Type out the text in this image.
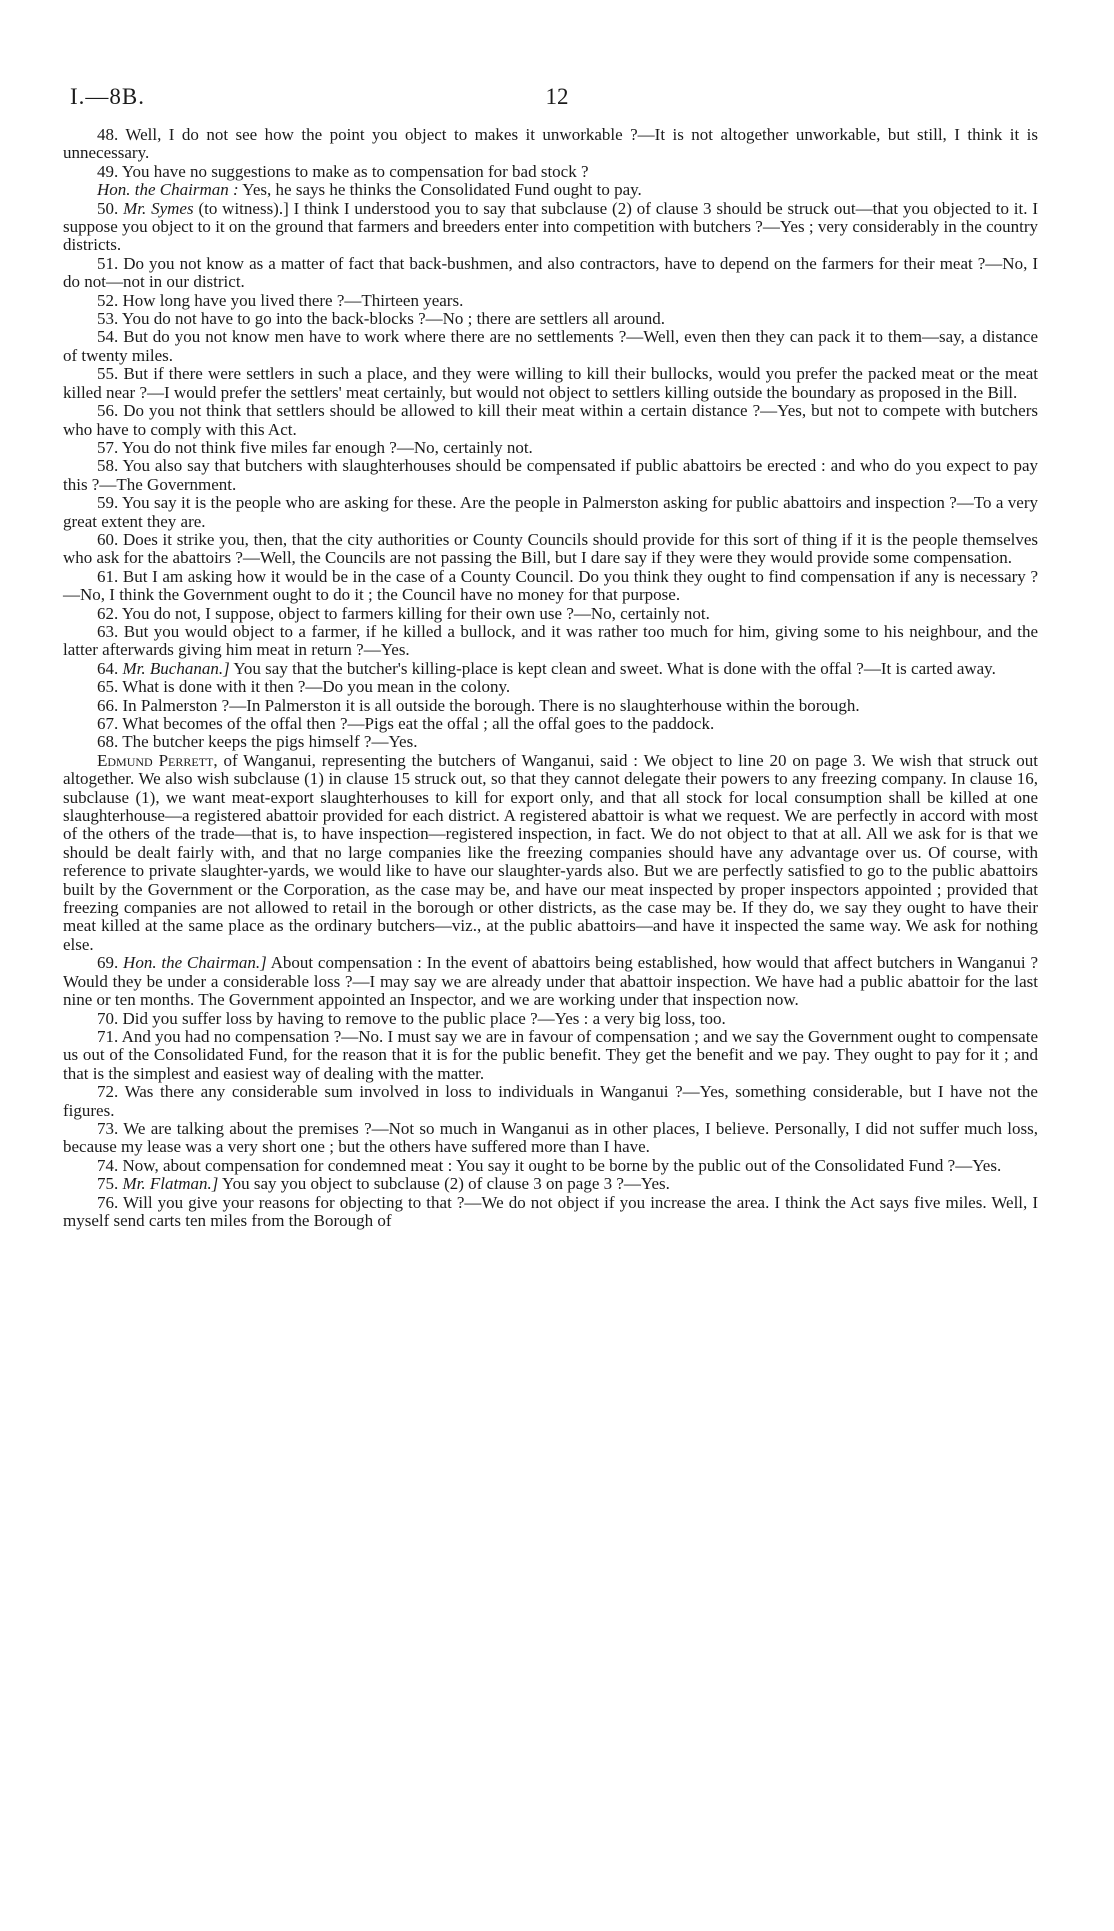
I.—8B.	12

48. Well, I do not see how the point you object to makes it unworkable ?—It is not altogether unworkable, but still, I think it is unnecessary.

49. You have no suggestions to make as to compensation for bad stock ?

Hon. the Chairman : Yes, he says he thinks the Consolidated Fund ought to pay.

50. Mr. Symes (to witness).] I think I understood you to say that subclause (2) of clause 3 should be struck out—that you objected to it. I suppose you object to it on the ground that farmers and breeders enter into competition with butchers ?—Yes ; very considerably in the country districts.

51. Do you not know as a matter of fact that back-bushmen, and also contractors, have to depend on the farmers for their meat ?—No, I do not—not in our district.

52. How long have you lived there ?—Thirteen years.

53. You do not have to go into the back-blocks ?—No ; there are settlers all around.

54. But do you not know men have to work where there are no settlements ?—Well, even then they can pack it to them—say, a distance of twenty miles.

55. But if there were settlers in such a place, and they were willing to kill their bullocks, would you prefer the packed meat or the meat killed near ?—I would prefer the settlers' meat certainly, but would not object to settlers killing outside the boundary as proposed in the Bill.

56. Do you not think that settlers should be allowed to kill their meat within a certain distance ?—Yes, but not to compete with butchers who have to comply with this Act.

57. You do not think five miles far enough ?—No, certainly not.

58. You also say that butchers with slaughterhouses should be compensated if public abattoirs be erected : and who do you expect to pay this ?—The Government.

59. You say it is the people who are asking for these. Are the people in Palmerston asking for public abattoirs and inspection ?—To a very great extent they are.

60. Does it strike you, then, that the city authorities or County Councils should provide for this sort of thing if it is the people themselves who ask for the abattoirs ?—Well, the Councils are not passing the Bill, but I dare say if they were they would provide some compensation.

61. But I am asking how it would be in the case of a County Council. Do you think they ought to find compensation if any is necessary ?—No, I think the Government ought to do it ; the Council have no money for that purpose.

62. You do not, I suppose, object to farmers killing for their own use ?—No, certainly not.

63. But you would object to a farmer, if he killed a bullock, and it was rather too much for him, giving some to his neighbour, and the latter afterwards giving him meat in return ?—Yes.

64. Mr. Buchanan.] You say that the butcher's killing-place is kept clean and sweet. What is done with the offal ?—It is carted away.

65. What is done with it then ?—Do you mean in the colony.

66. In Palmerston ?—In Palmerston it is all outside the borough. There is no slaughterhouse within the borough.

67. What becomes of the offal then ?—Pigs eat the offal ; all the offal goes to the paddock.

68. The butcher keeps the pigs himself ?—Yes.

Edmund Perrett, of Wanganui, representing the butchers of Wanganui, said : We object to line 20 on page 3. We wish that struck out altogether. We also wish subclause (1) in clause 15 struck out, so that they cannot delegate their powers to any freezing company. In clause 16, subclause (1), we want meat-export slaughterhouses to kill for export only, and that all stock for local consumption shall be killed at one slaughterhouse—a registered abattoir provided for each district. A registered abattoir is what we request. We are perfectly in accord with most of the others of the trade—that is, to have inspection—registered inspection, in fact. We do not object to that at all. All we ask for is that we should be dealt fairly with, and that no large companies like the freezing companies should have any advantage over us. Of course, with reference to private slaughter-yards, we would like to have our slaughter-yards also. But we are perfectly satisfied to go to the public abattoirs built by the Government or the Corporation, as the case may be, and have our meat inspected by proper inspectors appointed ; provided that freezing companies are not allowed to retail in the borough or other districts, as the case may be. If they do, we say they ought to have their meat killed at the same place as the ordinary butchers—viz., at the public abattoirs—and have it inspected the same way. We ask for nothing else.

69. Hon. the Chairman.] About compensation : In the event of abattoirs being established, how would that affect butchers in Wanganui ? Would they be under a considerable loss ?—I may say we are already under that abattoir inspection. We have had a public abattoir for the last nine or ten months. The Government appointed an Inspector, and we are working under that inspection now.

70. Did you suffer loss by having to remove to the public place ?—Yes : a very big loss, too.

71. And you had no compensation ?—No. I must say we are in favour of compensation ; and we say the Government ought to compensate us out of the Consolidated Fund, for the reason that it is for the public benefit. They get the benefit and we pay. They ought to pay for it ; and that is the simplest and easiest way of dealing with the matter.

72. Was there any considerable sum involved in loss to individuals in Wanganui ?—Yes, something considerable, but I have not the figures.

73. We are talking about the premises ?—Not so much in Wanganui as in other places, I believe. Personally, I did not suffer much loss, because my lease was a very short one ; but the others have suffered more than I have.

74. Now, about compensation for condemned meat : You say it ought to be borne by the public out of the Consolidated Fund ?—Yes.

75. Mr. Flatman.] You say you object to subclause (2) of clause 3 on page 3 ?—Yes.

76. Will you give your reasons for objecting to that ?—We do not object if you increase the area. I think the Act says five miles. Well, I myself send carts ten miles from the Borough of
